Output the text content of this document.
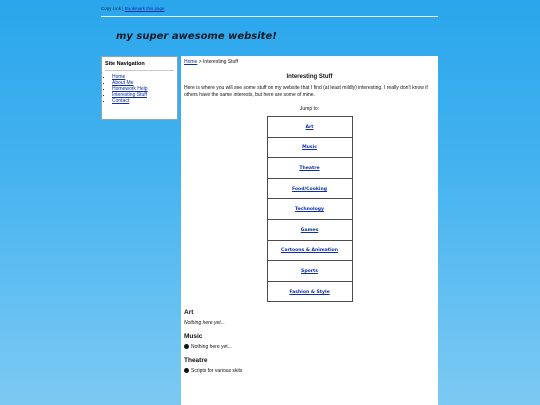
Copy Link | Bookmark this page
my super awesome website!
Site Navigation
• Home
• About Me
• Homework Help
• Interesting Stuff
• Contact
Home > Interesting Stuff
Interesting Stuff

Here is where you will see some stuff on my website that I find (at least mildly) interesting. I really don't know if others have the same interests, but here are some of mine.

Jump to:
Art
Music
Theatre
Food/Cooking
Technology
Games
Cartoons & Animation
Sports
Fashion & Style
Art
Nothing here yet...
Music
Nothing here yet...
Theatre
Scripts for various skits
